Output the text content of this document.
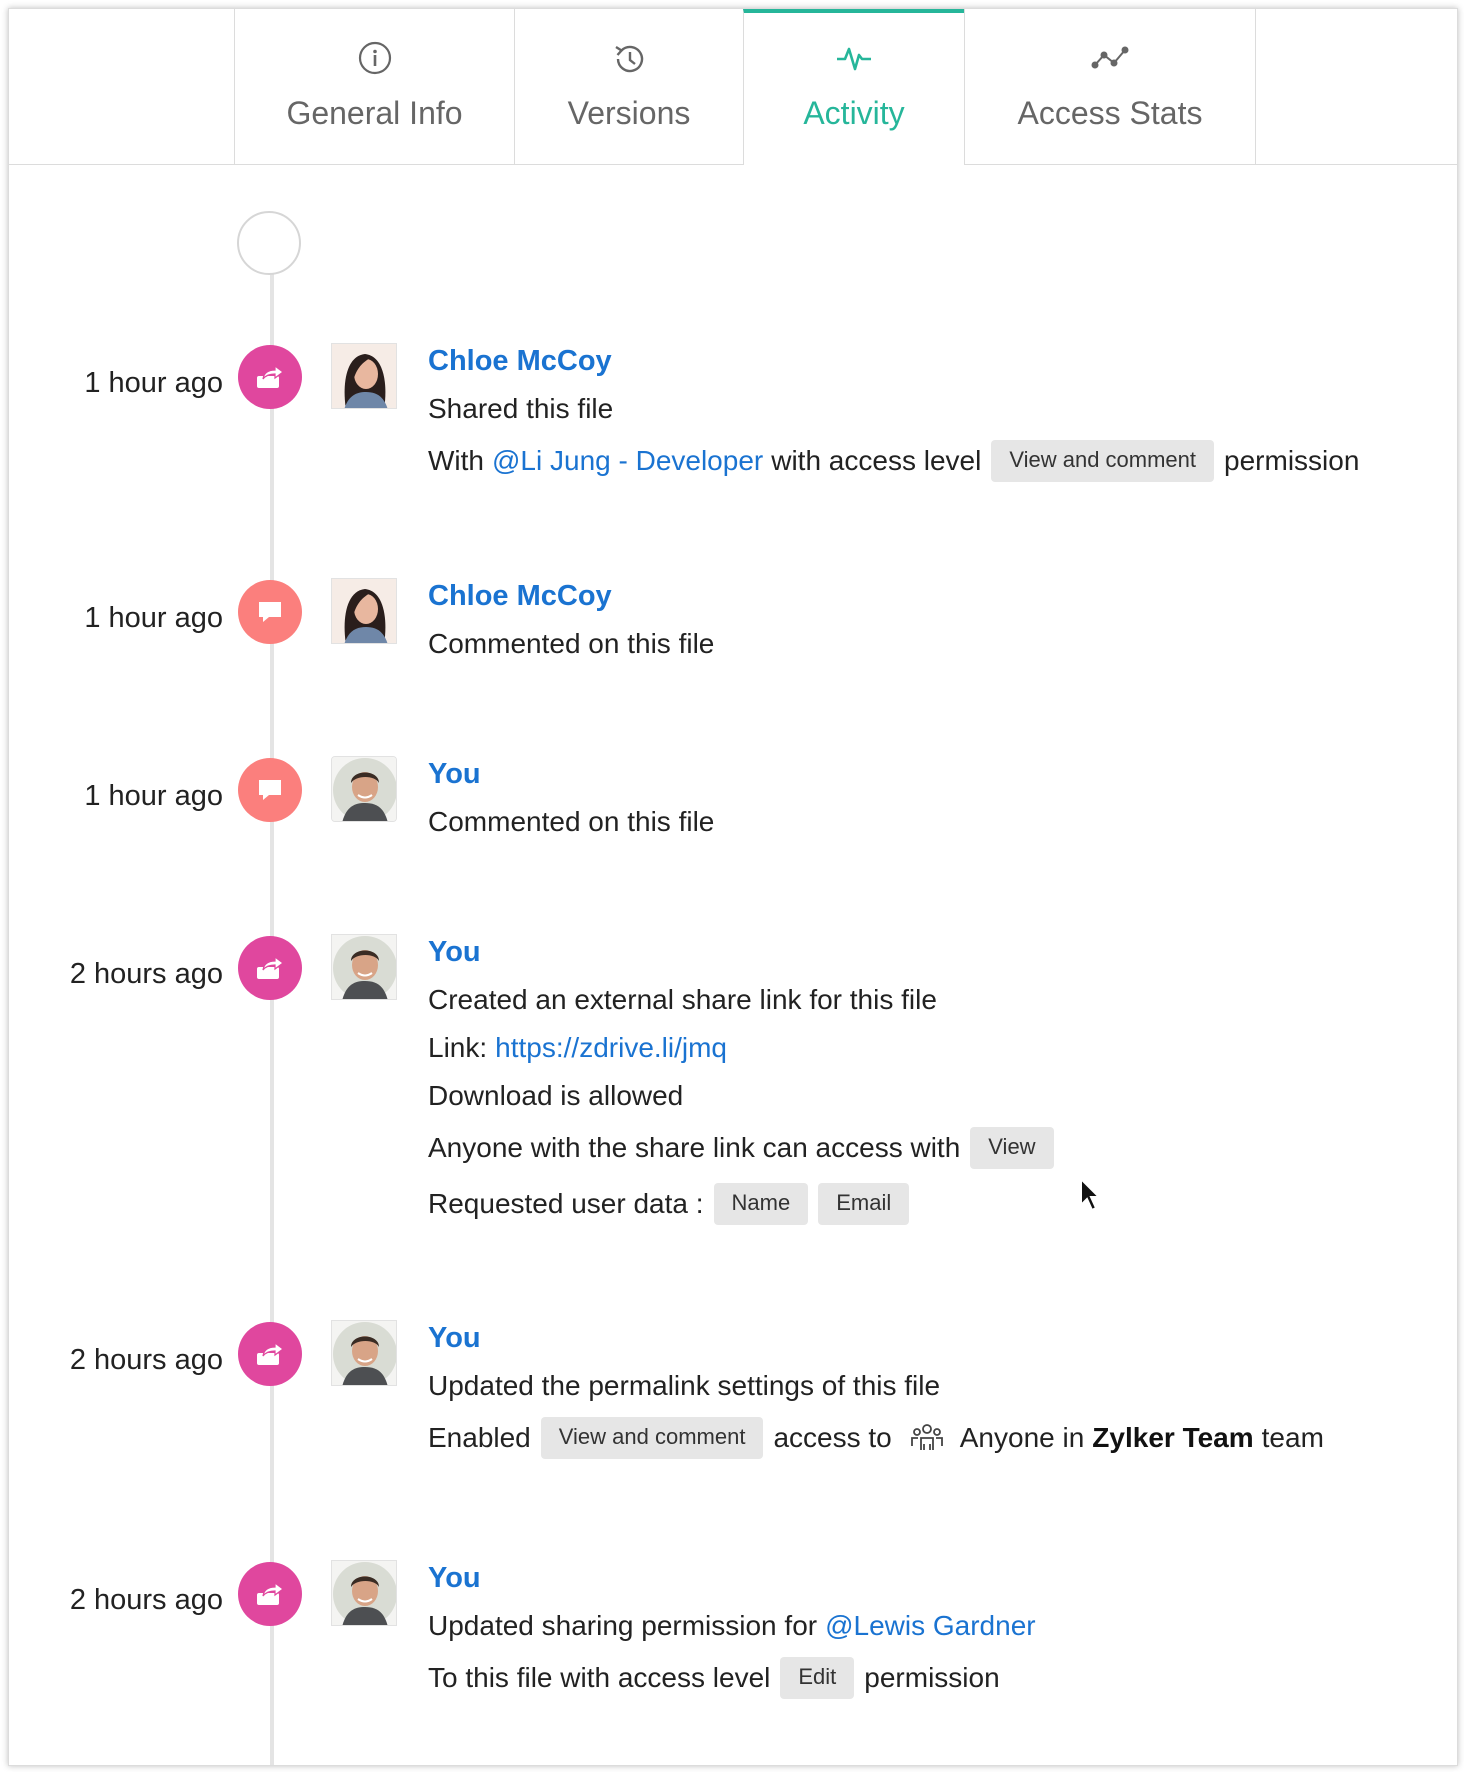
General Info	Versions	Activity	Access Stats
1 hour ago
Chloe McCoy
Shared this file
With @Li Jung - Developer with access level	View and comment	permission
1 hour ago
Chloe McCoy
Commented on this file
1 hour ago
You
Commented on this file
2 hours ago
You
Created an external share link for this file
Link: https://zdrive.li/jmq
Download is allowed
Anyone with the share link can access with	View
Requested user data :	Name	Email
2 hours ago
You
Updated the permalink settings of this file
Enabled	View and comment	access to Anyone in Zylker Team team
2 hours ago
You
Updated sharing permission for @Lewis Gardner
To this file with access level	Edit	permission
